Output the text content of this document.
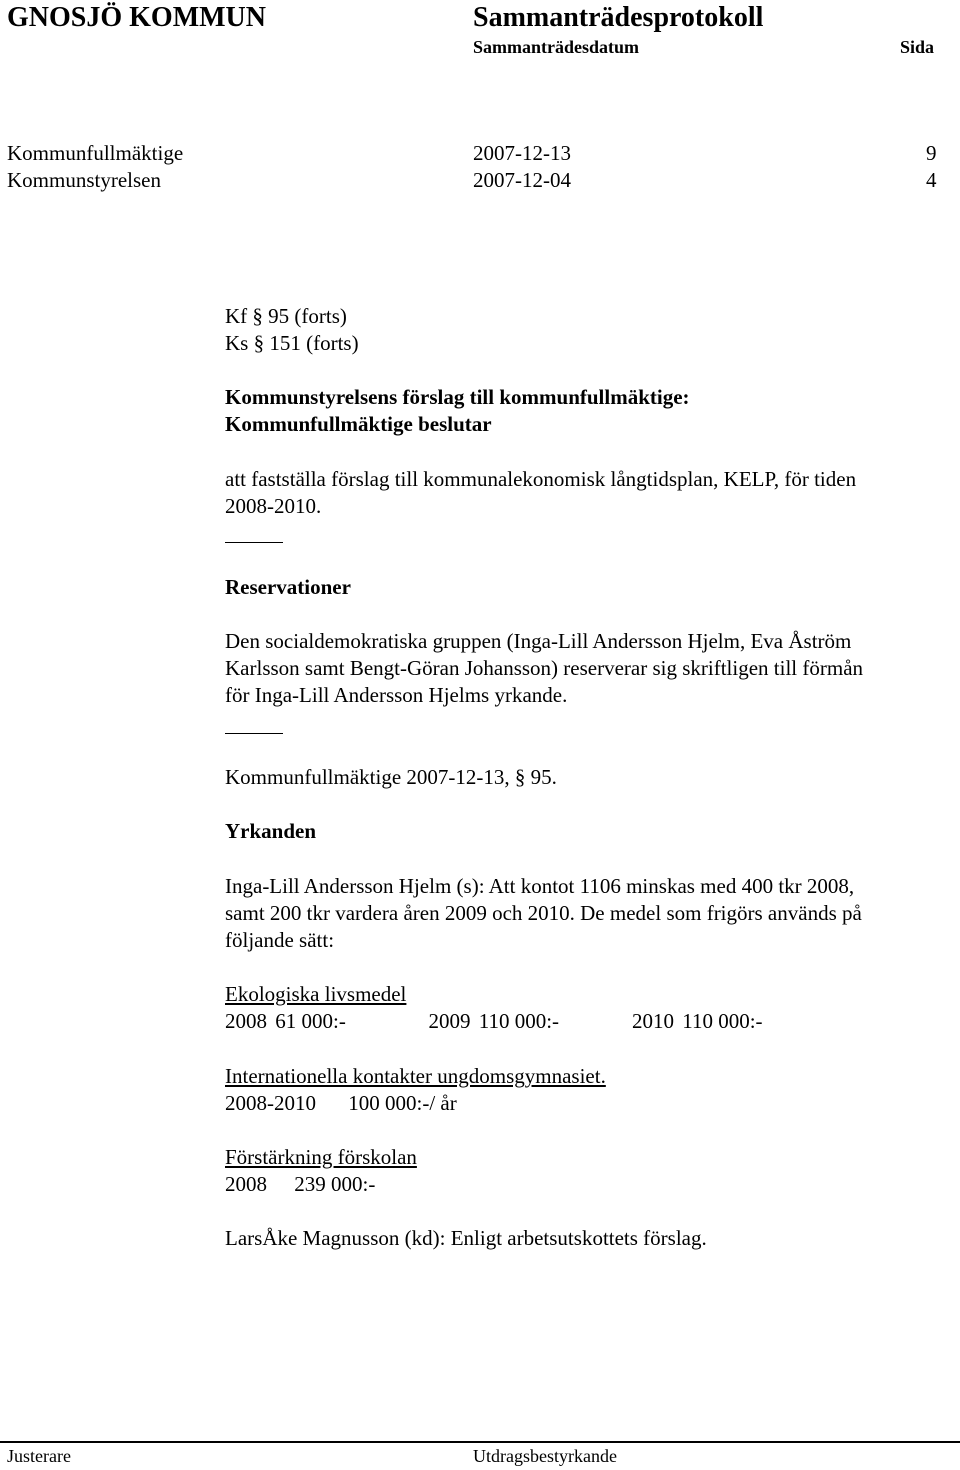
GNOSJÖ KOMMUN	Sammanträdesprotokoll
Sammanträdesdatum	Sida
Kommunfullmäktige	2007-12-13	9
Kommunstyrelsen	2007-12-04	4
Kf § 95 (forts)
Ks § 151 (forts)
Kommunstyrelsens förslag till kommunfullmäktige:
Kommunfullmäktige beslutar
att fastställa förslag till kommunalekonomisk långtidsplan, KELP, för tiden
2008-2010.
Reservationer
Den socialdemokratiska gruppen (Inga-Lill Andersson Hjelm, Eva Åström
Karlsson samt Bengt-Göran Johansson) reserverar sig skriftligen till förmån
för Inga-Lill Andersson Hjelms yrkande.
Kommunfullmäktige 2007-12-13, § 95.
Yrkanden
Inga-Lill Andersson Hjelm (s): Att kontot 1106 minskas med 400 tkr 2008,
samt 200 tkr vardera åren 2009 och 2010. De medel som frigörs används på
följande sätt:
Ekologiska livsmedel
2008 61 000:-	2009 110 000:-	2010 110 000:-
Internationella kontakter ungdomsgymnasiet.
2008-2010 100 000:-/ år
Förstärkning förskolan
2008 239 000:-
LarsÅke Magnusson (kd): Enligt arbetsutskottets förslag.
Justerare	Utdragsbestyrkande
